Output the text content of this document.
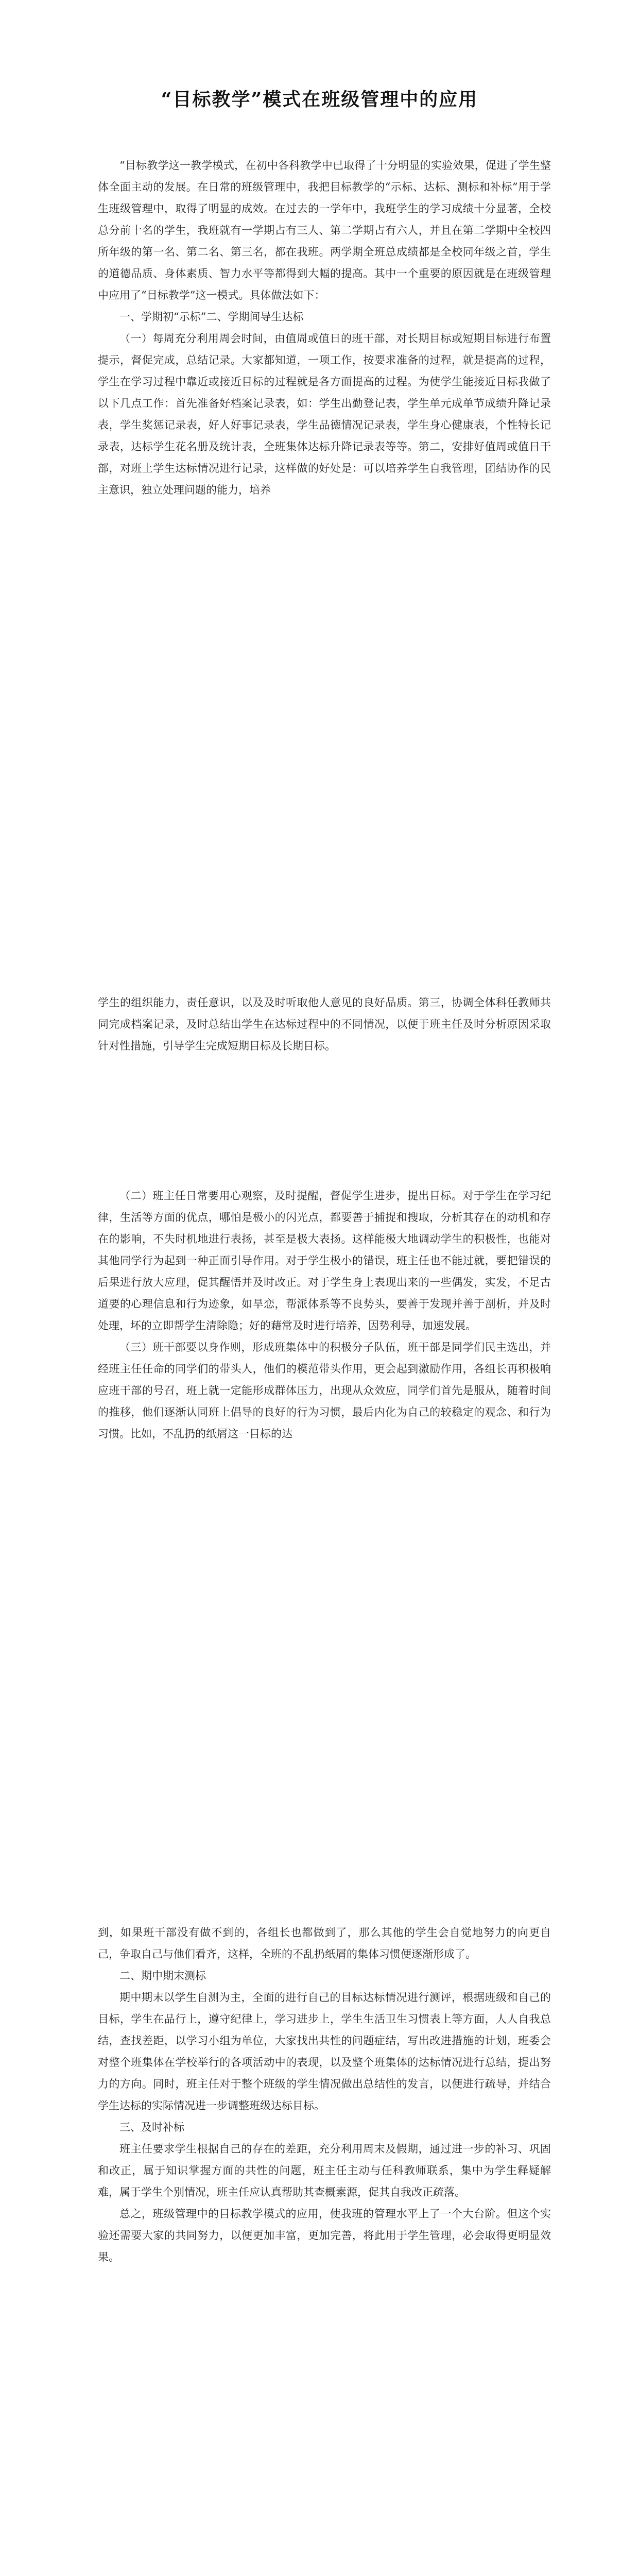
“目标教学”模式在班级管理中的应用

“目标教学这一教学模式，在初中各科教学中已取得了十分明显的实验效果，促进了学生整体全面主动的发展。在日常的班级管理中，我把目标教学的“示标、达标、测标和补标”用于学生班级管理中，取得了明显的成效。在过去的一学年中，我班学生的学习成绩十分显著，全校总分前十名的学生，我班就有一学期占有三人、第二学期占有六人，并且在第二学期中全校四所年级的第一名、第二名、第三名，都在我班。两学期全班总成绩都是全校同年级之首，学生的道德品质、身体素质、智力水平等都得到大幅的提高。其中一个重要的原因就是在班级管理中应用了“目标教学”这一模式。具体做法如下：

一、学期初“示标”二、学期间导生达标

（一）每周充分利用周会时间，由值周或值日的班干部，对长期目标或短期目标进行布置提示，督促完成，总结记录。大家都知道，一项工作，按要求准备的过程，就是提高的过程，学生在学习过程中靠近或接近目标的过程就是各方面提高的过程。为使学生能接近目标我做了以下几点工作：首先准备好档案记录表，如：学生出勤登记表，学生单元成单节成绩升降记录表，学生奖惩记录表，好人好事记录表，学生品德情况记录表，学生身心健康表，个性特长记录表，达标学生花名册及统计表，全班集体达标升降记录表等等。第二，安排好值周或值日干部，对班上学生达标情况进行记录，这样做的好处是：可以培养学生自我管理，团结协作的民主意识，独立处理问题的能力，培养

学生的组织能力，责任意识，以及及时听取他人意见的良好品质。第三，协调全体科任教师共同完成档案记录，及时总结出学生在达标过程中的不同情况，以便于班主任及时分析原因采取针对性措施，引导学生完成短期目标及长期目标。

（二）班主任日常要用心观察，及时提醒，督促学生进步，提出目标。对于学生在学习纪律，生活等方面的优点，哪怕是极小的闪光点，都要善于捕捉和搜取，分析其存在的动机和存在的影响，不失时机地进行表扬，甚至是极大表扬。这样能极大地调动学生的积极性，也能对其他同学行为起到一种正面引导作用。对于学生极小的错误，班主任也不能过就，要把错误的后果进行放大应理，促其醒悟并及时改正。对于学生身上表现出来的一些偶发，实发，不足古道要的心理信息和行为迹象，如旱恋，帮派体系等不良势头，要善于发现并善于剖析，并及时处理，坏的立即帮学生清除隐；好的藉常及时进行培养，因势利导，加速发展。

（三）班干部要以身作则，形成班集体中的积极分子队伍，班干部是同学们民主选出，并经班主任任命的同学们的带头人，他们的模范带头作用，更会起到激励作用，各组长再积极响应班干部的号召，班上就一定能形成群体压力，出现从众效应，同学们首先是服从，随着时间的推移，他们逐渐认同班上倡导的良好的行为习惯，最后内化为自己的较稳定的观念、和行为习惯。比如，不乱扔的纸屑这一目标的达

到，如果班干部没有做不到的，各组长也都做到了，那么其他的学生会自觉地努力的向更自己，争取自己与他们看齐，这样，全班的不乱扔纸屑的集体习惯便逐渐形成了。

二、期中期末测标

期中期末以学生自测为主，全面的进行自己的目标达标情况进行测评，根据班级和自己的目标，学生在品行上，遵守纪律上，学习进步上，学生生活卫生习惯表上等方面，人人自我总结，查找差距，以学习小组为单位，大家找出共性的问题症结，写出改进措施的计划，班委会对整个班集体在学校举行的各项活动中的表现，以及整个班集体的达标情况进行总结，提出努力的方向。同时，班主任对于整个班级的学生情况做出总结性的发言，以便进行疏导，并结合学生达标的实际情况进一步调整班级达标目标。

三、及时补标

班主任要求学生根据自己的存在的差距，充分利用周末及假期，通过进一步的补习、巩固和改正，属于知识掌握方面的共性的问题，班主任主动与任科教师联系，集中为学生释疑解难，属于学生个别情况，班主任应认真帮助其查概素源，促其自我改正疏落。

总之，班级管理中的目标教学模式的应用，使我班的管理水平上了一个大台阶。但这个实验还需要大家的共同努力，以便更加丰富，更加完善，将此用于学生管理，必会取得更明显效果。
